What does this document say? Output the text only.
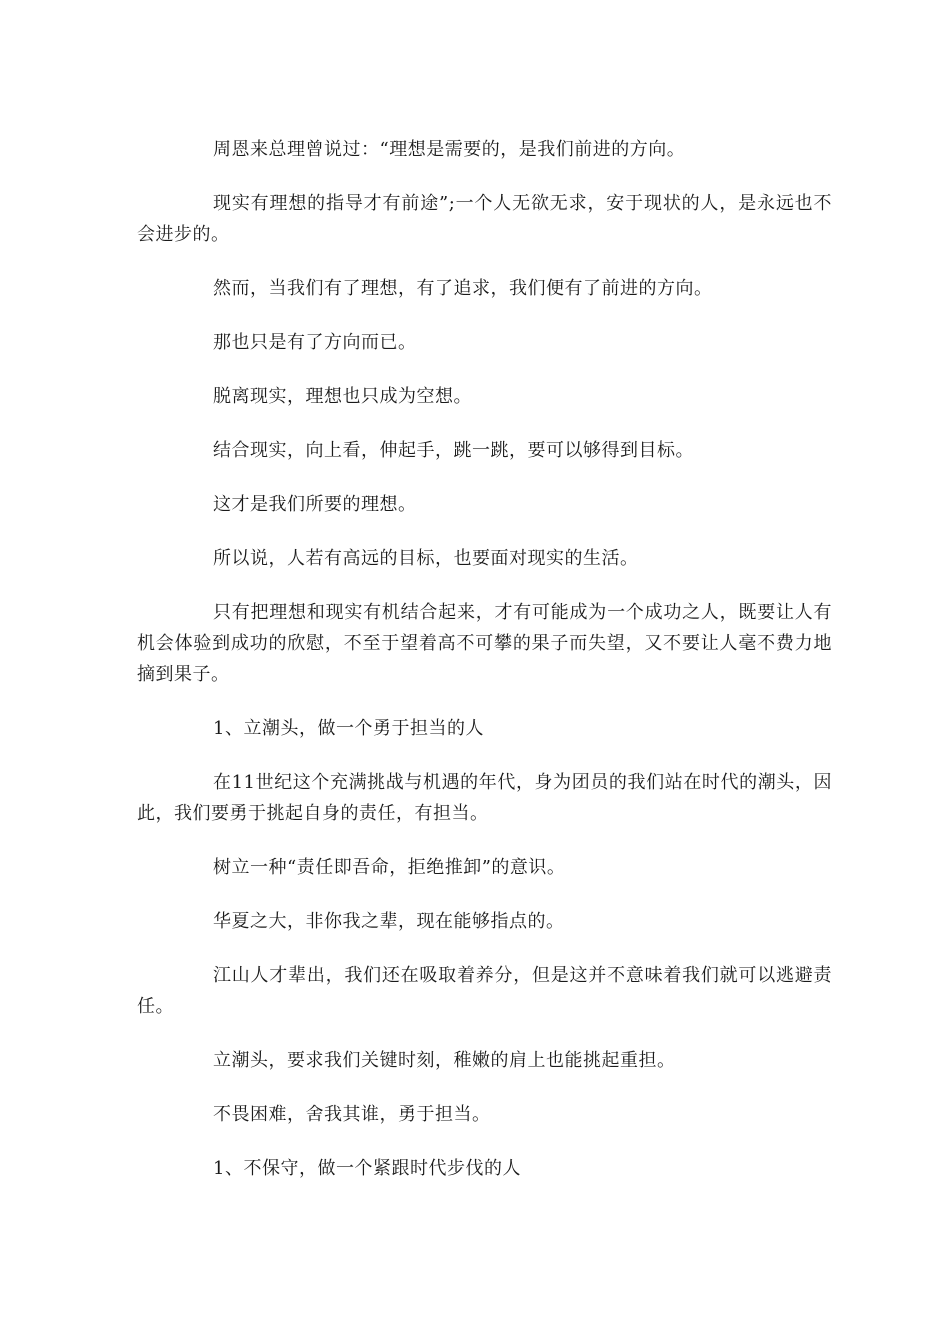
周恩来总理曾说过：“理想是需要的，是我们前进的方向。

现实有理想的指导才有前途”;一个人无欲无求，安于现状的人，是永远也不会进步的。

然而，当我们有了理想，有了追求，我们便有了前进的方向。

那也只是有了方向而已。

脱离现实，理想也只成为空想。

结合现实，向上看，伸起手，跳一跳，要可以够得到目标。

这才是我们所要的理想。

所以说，人若有高远的目标，也要面对现实的生活。

只有把理想和现实有机结合起来，才有可能成为一个成功之人，既要让人有机会体验到成功的欣慰，不至于望着高不可攀的果子而失望，又不要让人毫不费力地摘到果子。

1、立潮头，做一个勇于担当的人

在11世纪这个充满挑战与机遇的年代，身为团员的我们站在时代的潮头，因此，我们要勇于挑起自身的责任，有担当。

树立一种“责任即吾命，拒绝推卸”的意识。

华夏之大，非你我之辈，现在能够指点的。

江山人才辈出，我们还在吸取着养分，但是这并不意味着我们就可以逃避责任。

立潮头，要求我们关键时刻，稚嫩的肩上也能挑起重担。

不畏困难，舍我其谁，勇于担当。

1、不保守，做一个紧跟时代步伐的人
